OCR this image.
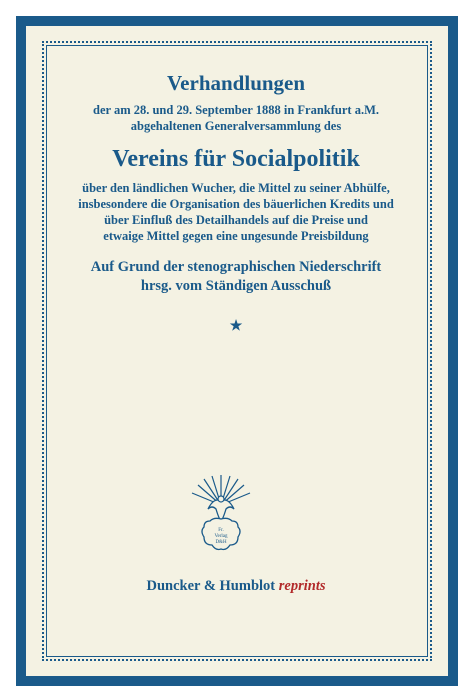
Verhandlungen
der am 28. und 29. September 1888 in Frankfurt a.M.
abgehaltenen Generalversammlung des
Vereins für Socialpolitik
über den ländlichen Wucher, die Mittel zu seiner Abhülfe,
insbesondere die Organisation des bäuerlichen Kredits und
über Einfluß des Detailhandels auf die Preise und
etwaige Mittel gegen eine ungesunde Preisbildung
Auf Grund der stenographischen Niederschrift
hrsg. vom Ständigen Ausschuß
★
Fr.
Verlag
D&H
Duncker & Humblot reprints
